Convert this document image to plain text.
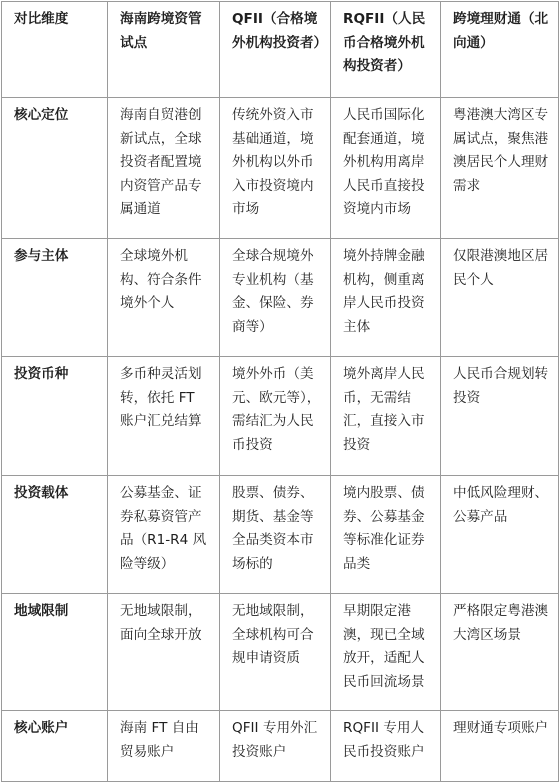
对比维度	海南跨境资管试点	QFII（合格境外机构投资者）	RQFII（人民币合格境外机构投资者）	跨境理财通（北向通）
核心定位	海南自贸港创新试点，全球投资者配置境内资管产品专属通道	传统外资入市基础通道，境外机构以外币入市投资境内市场	人民币国际化配套通道，境外机构用离岸人民币直接投资境内市场	粤港澳大湾区专属试点，聚焦港澳居民个人理财需求
参与主体	全球境外机构、符合条件境外个人	全球合规境外专业机构（基金、保险、券商等）	境外持牌金融机构，侧重离岸人民币投资主体	仅限港澳地区居民个人
投资币种	多币种灵活划转，依托 FT 账户汇兑结算	境外外币（美元、欧元等），需结汇为人民币投资	境外离岸人民币，无需结汇，直接入市投资	人民币合规划转投资
投资载体	公募基金、证券私募资管产品（R1-R4 风险等级）	股票、债券、期货、基金等全品类资本市场标的	境内股票、债券、公募基金等标准化证券品类	中低风险理财、公募产品
地域限制	无地域限制，面向全球开放	无地域限制，全球机构可合规申请资质	早期限定港澳，现已全域放开，适配人民币回流场景	严格限定粤港澳大湾区场景
核心账户	海南 FT 自由贸易账户	QFII 专用外汇投资账户	RQFII 专用人民币投资账户	理财通专项账户
